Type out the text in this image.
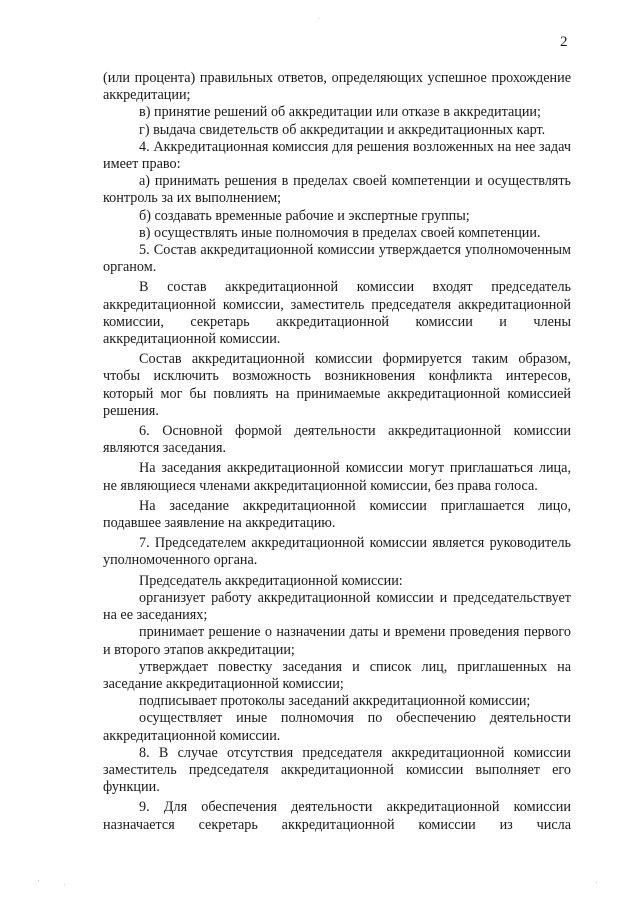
2

(или процента) правильных ответов, определяющих успешное прохождение аккредитации;

в) принятие решений об аккредитации или отказе в аккредитации;

г) выдача свидетельств об аккредитации и аккредитационных карт.

4. Аккредитационная комиссия для решения возложенных на нее задач имеет право:

а) принимать решения в пределах своей компетенции и осуществлять контроль за их выполнением;

б) создавать временные рабочие и экспертные группы;

в) осуществлять иные полномочия в пределах своей компетенции.

5. Состав аккредитационной комиссии утверждается уполномоченным органом.

В состав аккредитационной комиссии входят председатель аккредитационной комиссии, заместитель председателя аккредитационной комиссии, секретарь аккредитационной комиссии и члены аккредитационной комиссии.

Состав аккредитационной комиссии формируется таким образом, чтобы исключить возможность возникновения конфликта интересов, который мог бы повлиять на принимаемые аккредитационной комиссией решения.

6. Основной формой деятельности аккредитационной комиссии являются заседания.

На заседания аккредитационной комиссии могут приглашаться лица, не являющиеся членами аккредитационной комиссии, без права голоса.

На заседание аккредитационной комиссии приглашается лицо, подавшее заявление на аккредитацию.

7. Председателем аккредитационной комиссии является руководитель уполномоченного органа.

Председатель аккредитационной комиссии:

организует работу аккредитационной комиссии и председательствует на ее заседаниях;

принимает решение о назначении даты и времени проведения первого и второго этапов аккредитации;

утверждает повестку заседания и список лиц, приглашенных на заседание аккредитационной комиссии;

подписывает протоколы заседаний аккредитационной комиссии;

осуществляет иные полномочия по обеспечению деятельности аккредитационной комиссии.

8. В случае отсутствия председателя аккредитационной комиссии заместитель председателя аккредитационной комиссии выполняет его функции.

9. Для обеспечения деятельности аккредитационной комиссии назначается секретарь аккредитационной комиссии из числа
